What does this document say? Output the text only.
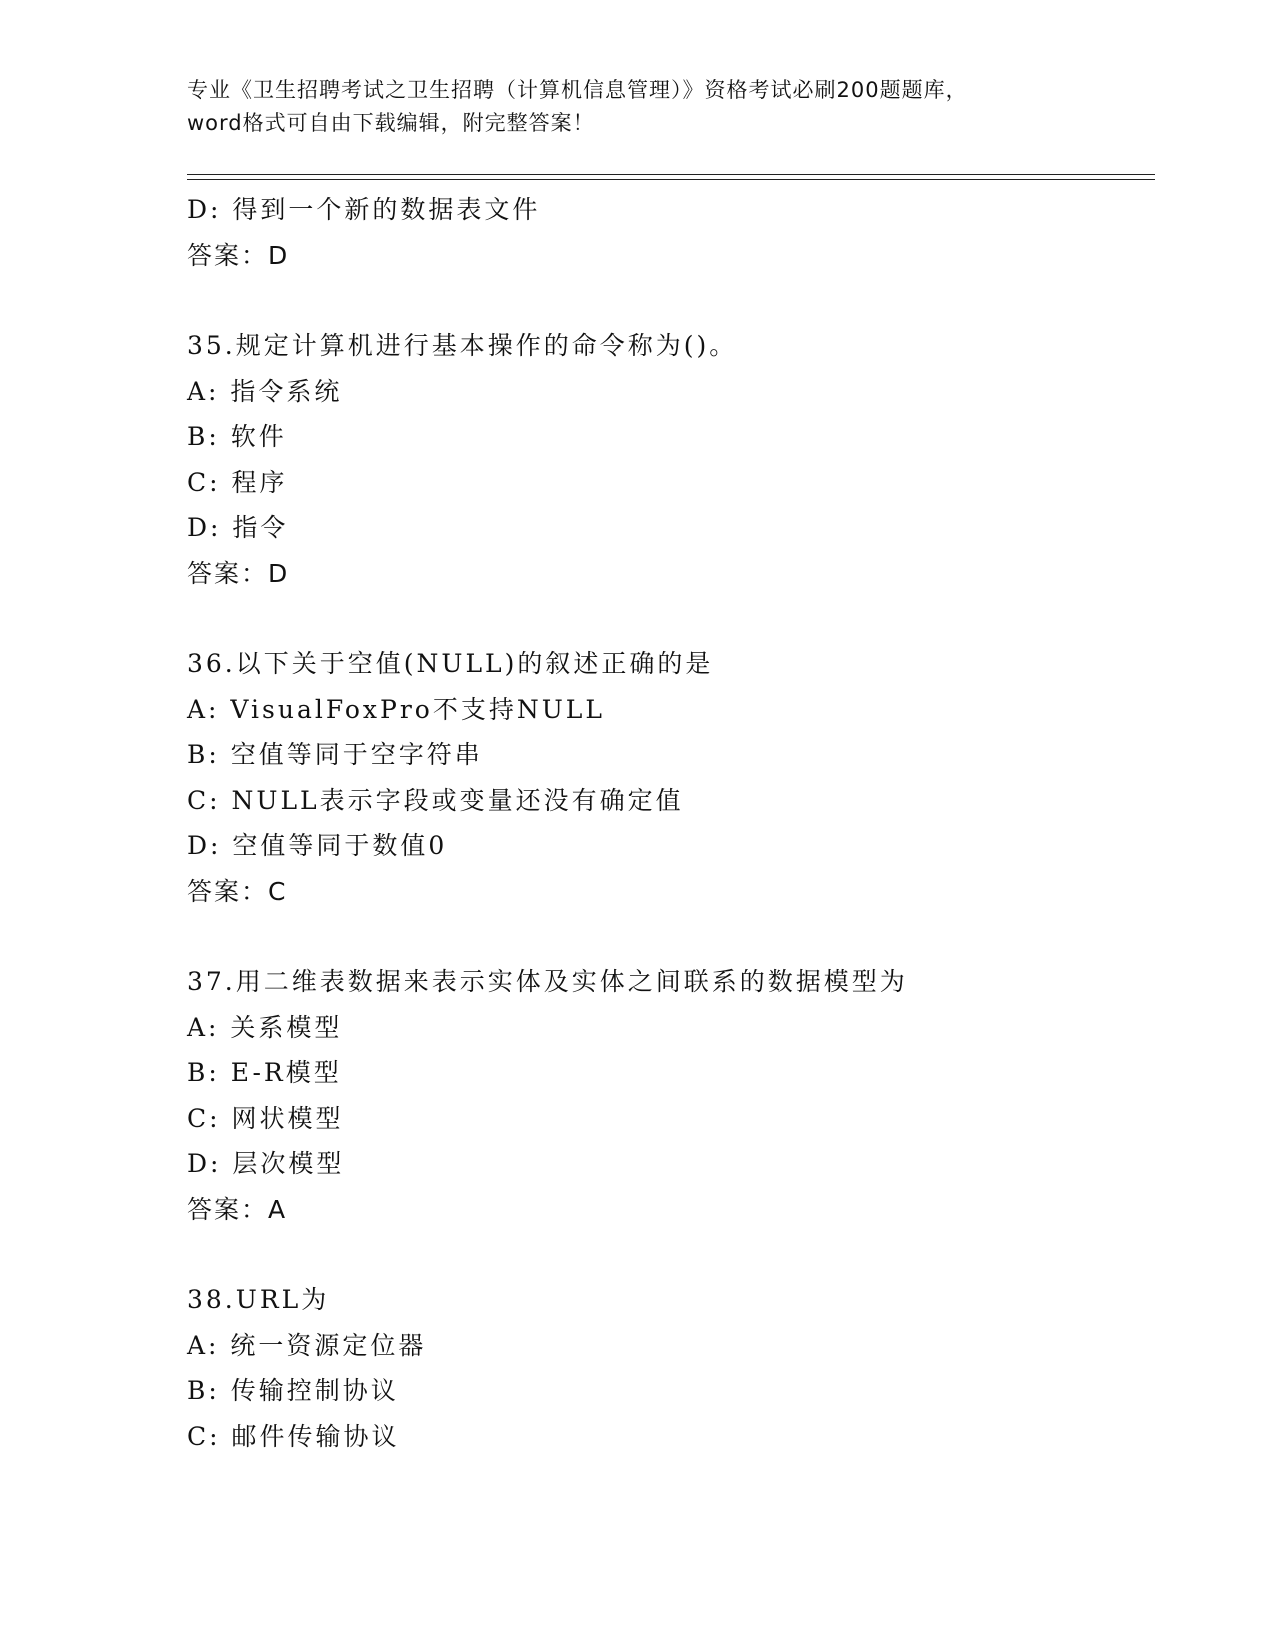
专业《卫生招聘考试之卫生招聘（计算机信息管理）》资格考试必刷200题题库，
word格式可自由下载编辑，附完整答案！
D: 得到一个新的数据表文件
答案：D
35.规定计算机进行基本操作的命令称为()。
A: 指令系统
B: 软件
C: 程序
D: 指令
答案：D
36.以下关于空值(NULL)的叙述正确的是
A: VisualFoxPro不支持NULL
B: 空值等同于空字符串
C: NULL表示字段或变量还没有确定值
D: 空值等同于数值0
答案：C
37.用二维表数据来表示实体及实体之间联系的数据模型为
A: 关系模型
B: E-R模型
C: 网状模型
D: 层次模型
答案：A
38.URL为
A: 统一资源定位器
B: 传输控制协议
C: 邮件传输协议
